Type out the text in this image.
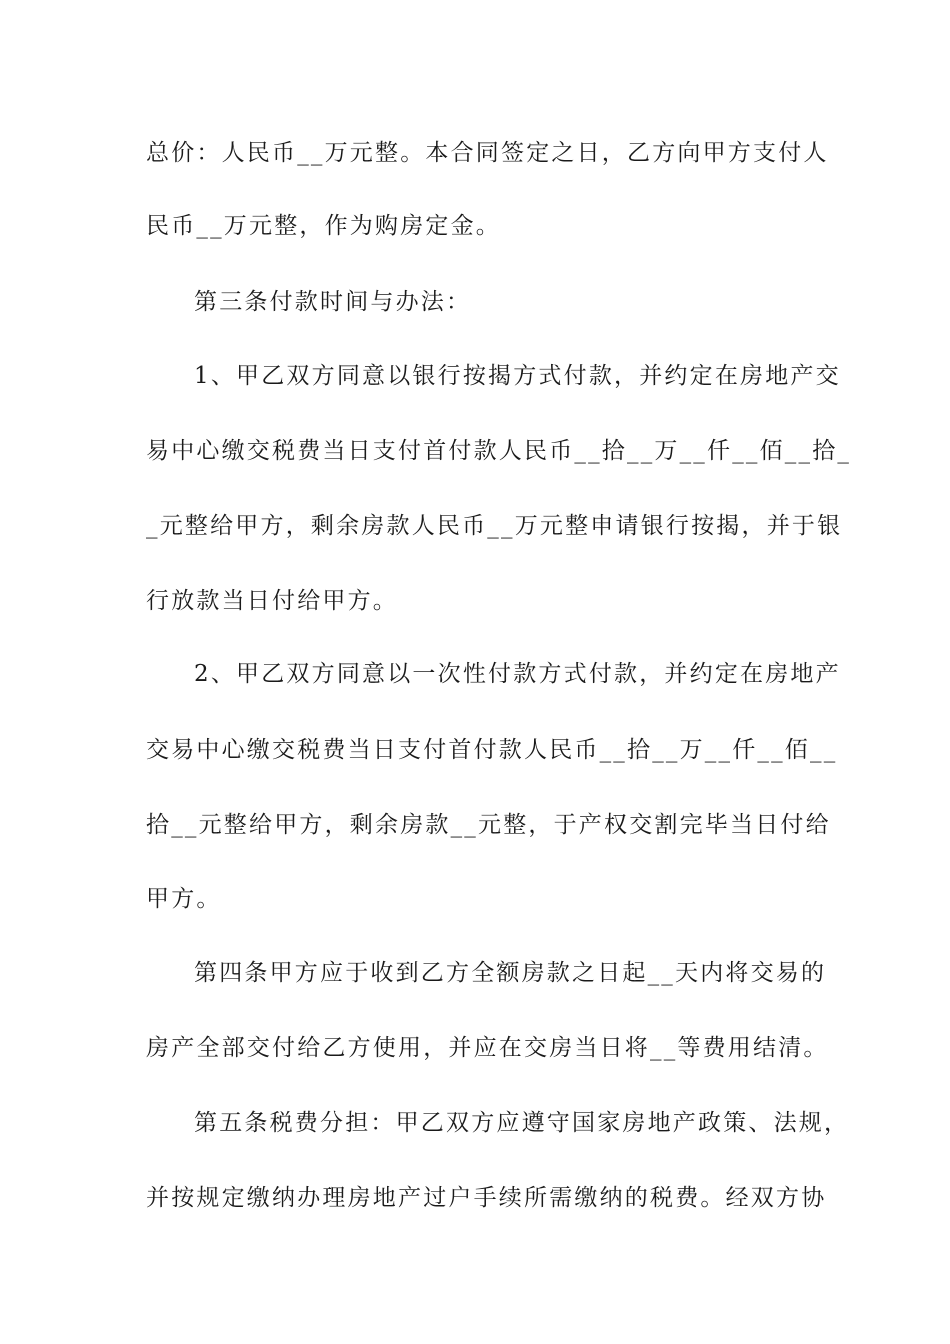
总价：人民币__万元整。本合同签定之日，乙方向甲方支付人
民币__万元整，作为购房定金。
第三条付款时间与办法：
1、甲乙双方同意以银行按揭方式付款，并约定在房地产交
易中心缴交税费当日支付首付款人民币__拾__万__仟__佰__拾_
_元整给甲方，剩余房款人民币__万元整申请银行按揭，并于银
行放款当日付给甲方。
2、甲乙双方同意以一次性付款方式付款，并约定在房地产
交易中心缴交税费当日支付首付款人民币__拾__万__仟__佰__
拾__元整给甲方，剩余房款__元整，于产权交割完毕当日付给
甲方。
第四条甲方应于收到乙方全额房款之日起__天内将交易的
房产全部交付给乙方使用，并应在交房当日将__等费用结清。
第五条税费分担：甲乙双方应遵守国家房地产政策、法规，
并按规定缴纳办理房地产过户手续所需缴纳的税费。经双方协
